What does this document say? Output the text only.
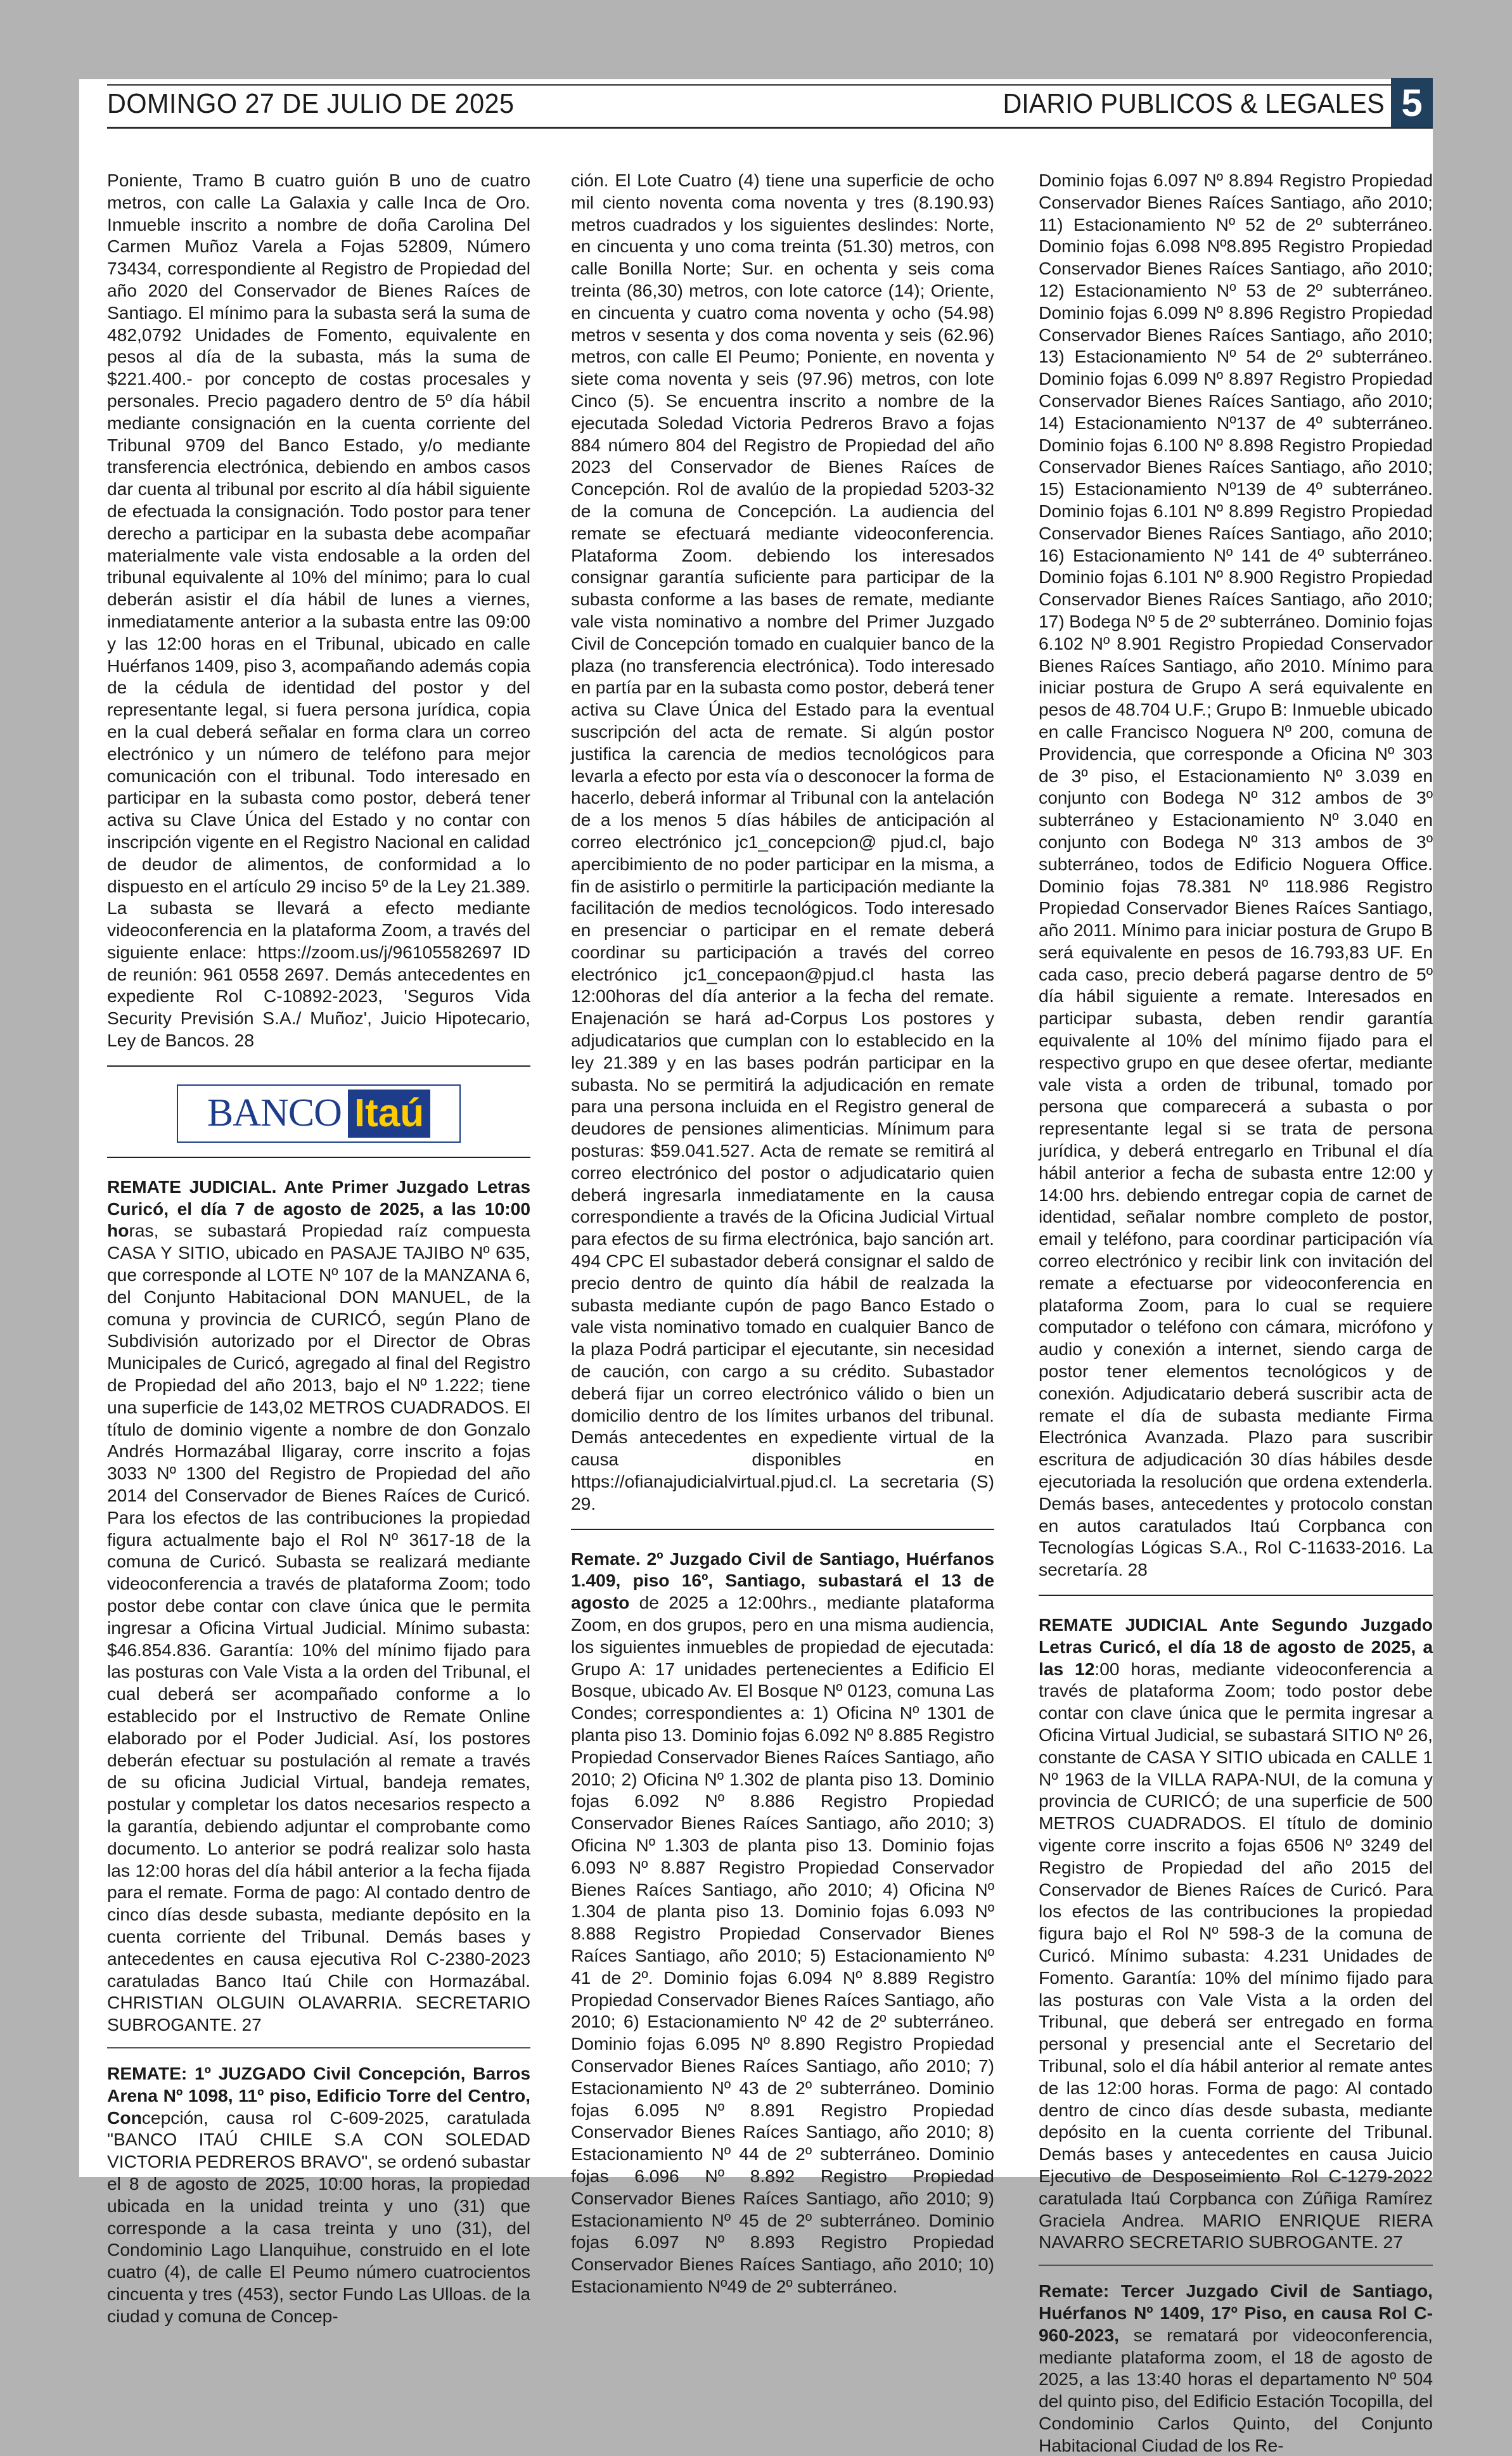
DOMINGO 27 DE JULIO DE 2025	DIARIO PUBLICOS & LEGALES 5

Poniente, Tramo B cuatro guión B uno de cuatro metros, con calle La Galaxia y calle Inca de Oro. Inmueble inscrito a nombre de doña Carolina Del Carmen Muñoz Varela a Fojas 52809, Número 73434, correspondiente al Registro de Propiedad del año 2020 del Conservador de Bienes Raíces de Santiago. El mínimo para la subasta será la suma de 482,0792 Unidades de Fomento, equivalente en pesos al día de la subasta, más la suma de $221.400.- por concepto de costas procesales y personales. Precio pagadero dentro de 5º día hábil mediante consignación en la cuenta corriente del Tribunal 9709 del Banco Estado, y/o mediante transferencia electrónica, debiendo en ambos casos dar cuenta al tribunal por escrito al día hábil siguiente de efectuada la consignación. Todo postor para tener derecho a participar en la subasta debe acompañar materialmente vale vista endosable a la orden del tribunal equivalente al 10% del mínimo; para lo cual deberán asistir el día hábil de lunes a viernes, inmediatamente anterior a la subasta entre las 09:00 y las 12:00 horas en el Tribunal, ubicado en calle Huérfanos 1409, piso 3, acompañando además copia de la cédula de identidad del postor y del representante legal, si fuera persona jurídica, copia en la cual deberá señalar en forma clara un correo electrónico y un número de teléfono para mejor comunicación con el tribunal. Todo interesado en participar en la subasta como postor, deberá tener activa su Clave Única del Estado y no contar con inscripción vigente en el Registro Nacional en calidad de deudor de alimentos, de conformidad a lo dispuesto en el artículo 29 inciso 5º de la Ley 21.389. La subasta se llevará a efecto mediante videoconferencia en la plataforma Zoom, a través del siguiente enlace: https://zoom.us/j/96105582697 ID de reunión: 961 0558 2697. Demás antecedentes en expediente Rol C-10892-2023, 'Seguros Vida Security Previsión S.A./ Muñoz', Juicio Hipotecario, Ley de Bancos. 28

BANCO Itaú

REMATE JUDICIAL. Ante Primer Juzgado Letras Curicó, el día 7 de agosto de 2025, a las 10:00 horas, se subastará Propiedad raíz compuesta CASA Y SITIO, ubicado en PASAJE TAJIBO Nº 635, que corresponde al LOTE Nº 107 de la MANZANA 6, del Conjunto Habitacional DON MANUEL, de la comuna y provincia de CURICÓ, según Plano de Subdivisión autorizado por el Director de Obras Municipales de Curicó, agregado al final del Registro de Propiedad del año 2013, bajo el Nº 1.222; tiene una superficie de 143,02 METROS CUADRADOS. El título de dominio vigente a nombre de don Gonzalo Andrés Hormazábal Iligaray, corre inscrito a fojas 3033 Nº 1300 del Registro de Propiedad del año 2014 del Conservador de Bienes Raíces de Curicó. Para los efectos de las contribuciones la propiedad figura actualmente bajo el Rol Nº 3617-18 de la comuna de Curicó. Subasta se realizará mediante videoconferencia a través de plataforma Zoom; todo postor debe contar con clave única que le permita ingresar a Oficina Virtual Judicial. Mínimo subasta: $46.854.836. Garantía: 10% del mínimo fijado para las posturas con Vale Vista a la orden del Tribunal, el cual deberá ser acompañado conforme a lo establecido por el Instructivo de Remate Online elaborado por el Poder Judicial. Así, los postores deberán efectuar su postulación al remate a través de su oficina Judicial Virtual, bandeja remates, postular y completar los datos necesarios respecto a la garantía, debiendo adjuntar el comprobante como documento. Lo anterior se podrá realizar solo hasta las 12:00 horas del día hábil anterior a la fecha fijada para el remate. Forma de pago: Al contado dentro de cinco días desde subasta, mediante depósito en la cuenta corriente del Tribunal. Demás bases y antecedentes en causa ejecutiva Rol C-2380-2023 caratuladas Banco Itaú Chile con Hormazábal. CHRISTIAN OLGUIN OLAVARRIA. SECRETARIO SUBROGANTE. 27

REMATE: 1º JUZGADO Civil Concepción, Barros Arena Nº 1098, 11º piso, Edificio Torre del Centro, Concepción, causa rol C-609-2025, caratulada "BANCO ITAÚ CHILE S.A CON SOLEDAD VICTORIA PEDREROS BRAVO", se ordenó subastar el 8 de agosto de 2025, 10:00 horas, la propiedad ubicada en la unidad treinta y uno (31) que corresponde a la casa treinta y uno (31), del Condominio Lago Llanquihue, construido en el lote cuatro (4), de calle El Peumo número cuatrocientos cincuenta y tres (453), sector Fundo Las Ulloas. de la ciudad y comuna de Concep-

ción. El Lote Cuatro (4) tiene una superficie de ocho mil ciento noventa coma noventa y tres (8.190.93) metros cuadrados y los siguientes deslindes: Norte, en cincuenta y uno coma treinta (51.30) metros, con calle Bonilla Norte; Sur. en ochenta y seis coma treinta (86,30) metros, con lote catorce (14); Oriente, en cincuenta y cuatro coma noventa y ocho (54.98) metros v sesenta y dos coma noventa y seis (62.96) metros, con calle El Peumo; Poniente, en noventa y siete coma noventa y seis (97.96) metros, con lote Cinco (5). Se encuentra inscrito a nombre de la ejecutada Soledad Victoria Pedreros Bravo a fojas 884 número 804 del Registro de Propiedad del año 2023 del Conservador de Bienes Raíces de Concepción. Rol de avalúo de la propiedad 5203-32 de la comuna de Concepción. La audiencia del remate se efectuará mediante videoconferencia. Plataforma Zoom. debiendo los interesados consignar garantía suficiente para participar de la subasta conforme a las bases de remate, mediante vale vista nominativo a nombre del Primer Juzgado Civil de Concepción tomado en cualquier banco de la plaza (no transferencia electrónica). Todo interesado en partía par en la subasta como postor, deberá tener activa su Clave Única del Estado para la eventual suscripción del acta de remate. Si algún postor justifica la carencia de medios tecnológicos para levarla a efecto por esta vía o desconocer la forma de hacerlo, deberá informar al Tribunal con la antelación de a los menos 5 días hábiles de anticipación al correo electrónico jc1_concepcion@ pjud.cl, bajo apercibimiento de no poder participar en la misma, a fin de asistirlo o permitirle la participación mediante la facilitación de medios tecnológicos. Todo interesado en presenciar o participar en el remate deberá coordinar su participación a través del correo electrónico jc1_concepaon@pjud.cl hasta las 12:00horas del día anterior a la fecha del remate. Enajenación se hará ad-Corpus Los postores y adjudicatarios que cumplan con lo establecido en la ley 21.389 y en las bases podrán participar en la subasta. No se permitirá la adjudicación en remate para una persona incluida en el Registro general de deudores de pensiones alimenticias. Mínimum para posturas: $59.041.527. Acta de remate se remitirá al correo electrónico del postor o adjudicatario quien deberá ingresarla inmediatamente en la causa correspondiente a través de la Oficina Judicial Virtual para efectos de su firma electrónica, bajo sanción art. 494 CPC El subastador deberá consignar el saldo de precio dentro de quinto día hábil de realzada la subasta mediante cupón de pago Banco Estado o vale vista nominativo tomado en cualquier Banco de la plaza Podrá participar el ejecutante, sin necesidad de caución, con cargo a su crédito. Subastador deberá fijar un correo electrónico válido o bien un domicilio dentro de los límites urbanos del tribunal. Demás antecedentes en expediente virtual de la causa disponibles en https://ofianajudicialvirtual.pjud.cl. La secretaria (S) 29.

Remate. 2º Juzgado Civil de Santiago, Huérfanos 1.409, piso 16º, Santiago, subastará el 13 de agosto de 2025 a 12:00hrs., mediante plataforma Zoom, en dos grupos, pero en una misma audiencia, los siguientes inmuebles de propiedad de ejecutada: Grupo A: 17 unidades pertenecientes a Edificio El Bosque, ubicado Av. El Bosque Nº 0123, comuna Las Condes; correspondientes a: 1) Oficina Nº 1301 de planta piso 13. Dominio fojas 6.092 Nº 8.885 Registro Propiedad Conservador Bienes Raíces Santiago, año 2010; 2) Oficina Nº 1.302 de planta piso 13. Dominio fojas 6.092 Nº 8.886 Registro Propiedad Conservador Bienes Raíces Santiago, año 2010; 3) Oficina Nº 1.303 de planta piso 13. Dominio fojas 6.093 Nº 8.887 Registro Propiedad Conservador Bienes Raíces Santiago, año 2010; 4) Oficina Nº 1.304 de planta piso 13. Dominio fojas 6.093 Nº 8.888 Registro Propiedad Conservador Bienes Raíces Santiago, año 2010; 5) Estacionamiento Nº 41 de 2º. Dominio fojas 6.094 Nº 8.889 Registro Propiedad Conservador Bienes Raíces Santiago, año 2010; 6) Estacionamiento Nº 42 de 2º subterráneo. Dominio fojas 6.095 Nº 8.890 Registro Propiedad Conservador Bienes Raíces Santiago, año 2010; 7) Estacionamiento Nº 43 de 2º subterráneo. Dominio fojas 6.095 Nº 8.891 Registro Propiedad Conservador Bienes Raíces Santiago, año 2010; 8) Estacionamiento Nº 44 de 2º subterráneo. Dominio fojas 6.096 Nº 8.892 Registro Propiedad Conservador Bienes Raíces Santiago, año 2010; 9) Estacionamiento Nº 45 de 2º subterráneo. Dominio fojas 6.097 Nº 8.893 Registro Propiedad Conservador Bienes Raíces Santiago, año 2010; 10) Estacionamiento Nº49 de 2º subterráneo.

Dominio fojas 6.097 Nº 8.894 Registro Propiedad Conservador Bienes Raíces Santiago, año 2010; 11) Estacionamiento Nº 52 de 2º subterráneo. Dominio fojas 6.098 Nº8.895 Registro Propiedad Conservador Bienes Raíces Santiago, año 2010; 12) Estacionamiento Nº 53 de 2º subterráneo. Dominio fojas 6.099 Nº 8.896 Registro Propiedad Conservador Bienes Raíces Santiago, año 2010; 13) Estacionamiento Nº 54 de 2º subterráneo. Dominio fojas 6.099 Nº 8.897 Registro Propiedad Conservador Bienes Raíces Santiago, año 2010; 14) Estacionamiento Nº137 de 4º subterráneo. Dominio fojas 6.100 Nº 8.898 Registro Propiedad Conservador Bienes Raíces Santiago, año 2010; 15) Estacionamiento Nº139 de 4º subterráneo. Dominio fojas 6.101 Nº 8.899 Registro Propiedad Conservador Bienes Raíces Santiago, año 2010; 16) Estacionamiento Nº 141 de 4º subterráneo. Dominio fojas 6.101 Nº 8.900 Registro Propiedad Conservador Bienes Raíces Santiago, año 2010; 17) Bodega Nº 5 de 2º subterráneo. Dominio fojas 6.102 Nº 8.901 Registro Propiedad Conservador Bienes Raíces Santiago, año 2010. Mínimo para iniciar postura de Grupo A será equivalente en pesos de 48.704 U.F.; Grupo B: Inmueble ubicado en calle Francisco Noguera Nº 200, comuna de Providencia, que corresponde a Oficina Nº 303 de 3º piso, el Estacionamiento Nº 3.039 en conjunto con Bodega Nº 312 ambos de 3º subterráneo y Estacionamiento Nº 3.040 en conjunto con Bodega Nº 313 ambos de 3º subterráneo, todos de Edificio Noguera Office. Dominio fojas 78.381 Nº 118.986 Registro Propiedad Conservador Bienes Raíces Santiago, año 2011. Mínimo para iniciar postura de Grupo B será equivalente en pesos de 16.793,83 UF. En cada caso, precio deberá pagarse dentro de 5º día hábil siguiente a remate. Interesados en participar subasta, deben rendir garantía equivalente al 10% del mínimo fijado para el respectivo grupo en que desee ofertar, mediante vale vista a orden de tribunal, tomado por persona que comparecerá a subasta o por representante legal si se trata de persona jurídica, y deberá entregarlo en Tribunal el día hábil anterior a fecha de subasta entre 12:00 y 14:00 hrs. debiendo entregar copia de carnet de identidad, señalar nombre completo de postor, email y teléfono, para coordinar participación vía correo electrónico y recibir link con invitación del remate a efectuarse por videoconferencia en plataforma Zoom, para lo cual se requiere computador o teléfono con cámara, micrófono y audio y conexión a internet, siendo carga de postor tener elementos tecnológicos y de conexión. Adjudicatario deberá suscribir acta de remate el día de subasta mediante Firma Electrónica Avanzada. Plazo para suscribir escritura de adjudicación 30 días hábiles desde ejecutoriada la resolución que ordena extenderla. Demás bases, antecedentes y protocolo constan en autos caratulados Itaú Corpbanca con Tecnologías Lógicas S.A., Rol C-11633-2016. La secretaría. 28

REMATE JUDICIAL Ante Segundo Juzgado Letras Curicó, el día 18 de agosto de 2025, a las 12:00 horas, mediante videoconferencia a través de plataforma Zoom; todo postor debe contar con clave única que le permita ingresar a Oficina Virtual Judicial, se subastará SITIO Nº 26, constante de CASA Y SITIO ubicada en CALLE 1 Nº 1963 de la VILLA RAPA-NUI, de la comuna y provincia de CURICÓ; de una superficie de 500 METROS CUADRADOS. El título de dominio vigente corre inscrito a fojas 6506 Nº 3249 del Registro de Propiedad del año 2015 del Conservador de Bienes Raíces de Curicó. Para los efectos de las contribuciones la propiedad figura bajo el Rol Nº 598-3 de la comuna de Curicó. Mínimo subasta: 4.231 Unidades de Fomento. Garantía: 10% del mínimo fijado para las posturas con Vale Vista a la orden del Tribunal, que deberá ser entregado en forma personal y presencial ante el Secretario del Tribunal, solo el día hábil anterior al remate antes de las 12:00 horas. Forma de pago: Al contado dentro de cinco días desde subasta, mediante depósito en la cuenta corriente del Tribunal. Demás bases y antecedentes en causa Juicio Ejecutivo de Desposeimiento Rol C-1279-2022 caratulada Itaú Corpbanca con Zúñiga Ramírez Graciela Andrea. MARIO ENRIQUE RIERA NAVARRO SECRETARIO SUBROGANTE. 27

Remate: Tercer Juzgado Civil de Santiago, Huérfanos Nº 1409, 17º Piso, en causa Rol C-960-2023, se rematará por videoconferencia, mediante plataforma zoom, el 18 de agosto de 2025, a las 13:40 horas el departamento Nº 504 del quinto piso, del Edificio Estación Tocopilla, del Condominio Carlos Quinto, del Conjunto Habitacional Ciudad de los Re-
